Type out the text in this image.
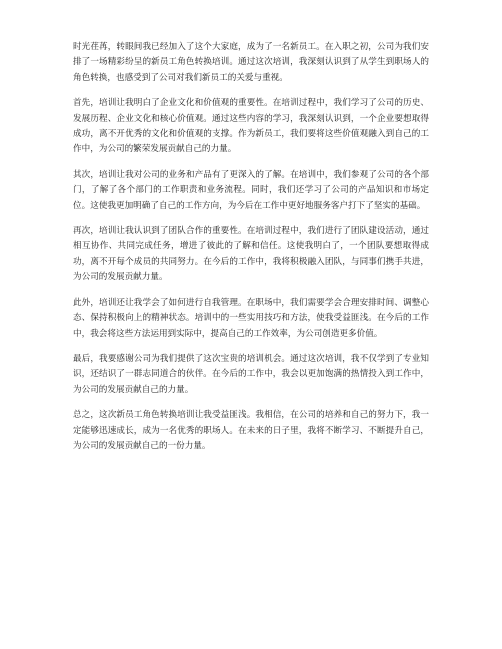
时光荏苒，转眼间我已经加入了这个大家庭，成为了一名新员工。在入职之初，公司为我们安排了一场精彩纷呈的新员工角色转换培训。通过这次培训，我深刻认识到了从学生到职场人的角色转换，也感受到了公司对我们新员工的关爱与重视。

首先，培训让我明白了企业文化和价值观的重要性。在培训过程中，我们学习了公司的历史、发展历程、企业文化和核心价值观。通过这些内容的学习，我深刻认识到，一个企业要想取得成功，离不开优秀的文化和价值观的支撑。作为新员工，我们要将这些价值观融入到自己的工作中，为公司的繁荣发展贡献自己的力量。

其次，培训让我对公司的业务和产品有了更深入的了解。在培训中，我们参观了公司的各个部门，了解了各个部门的工作职责和业务流程。同时，我们还学习了公司的产品知识和市场定位。这使我更加明确了自己的工作方向，为今后在工作中更好地服务客户打下了坚实的基础。

再次，培训让我认识到了团队合作的重要性。在培训过程中，我们进行了团队建设活动，通过相互协作、共同完成任务，增进了彼此的了解和信任。这使我明白了，一个团队要想取得成功，离不开每个成员的共同努力。在今后的工作中，我将积极融入团队，与同事们携手共进，为公司的发展贡献力量。

此外，培训还让我学会了如何进行自我管理。在职场中，我们需要学会合理安排时间、调整心态、保持积极向上的精神状态。培训中的一些实用技巧和方法，使我受益匪浅。在今后的工作中，我会将这些方法运用到实际中，提高自己的工作效率，为公司创造更多价值。

最后，我要感谢公司为我们提供了这次宝贵的培训机会。通过这次培训，我不仅学到了专业知识，还结识了一群志同道合的伙伴。在今后的工作中，我会以更加饱满的热情投入到工作中，为公司的发展贡献自己的力量。

总之，这次新员工角色转换培训让我受益匪浅。我相信，在公司的培养和自己的努力下，我一定能够迅速成长，成为一名优秀的职场人。在未来的日子里，我将不断学习、不断提升自己，为公司的发展贡献自己的一份力量。
